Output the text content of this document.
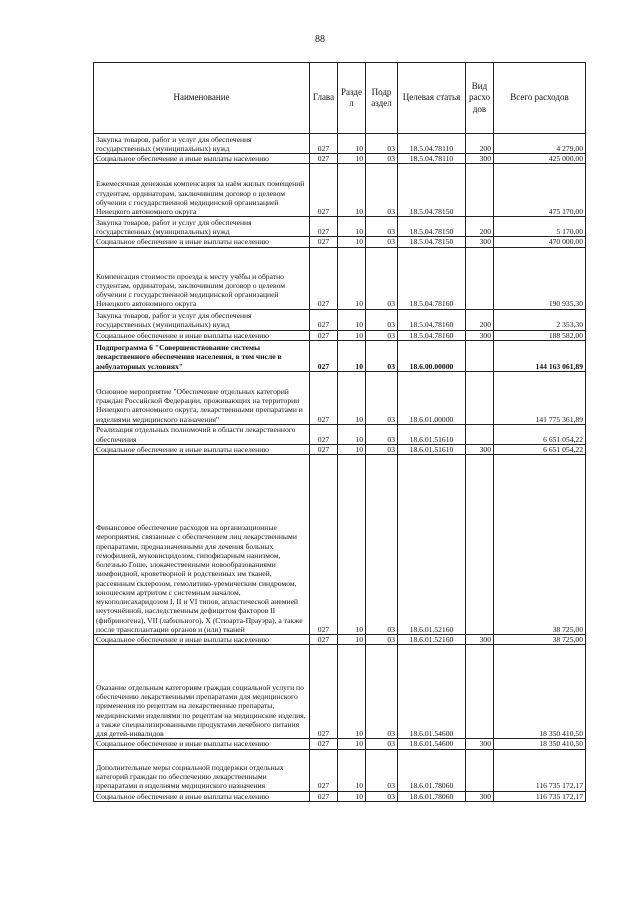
88
Наименование	Глава	Разде л	Подр аздел	Целевая статья	Вид расхо дов	Всего расходов
Закупка товаров, работ и услуг для обеспечения государственных (муниципальных) нужд	027	10	03	18.5.04.78110	200	4 279,00
Социальное обеспечение и иные выплаты населению	027	10	03	18.5.04.78110	300	425 000,00
Ежемесячная денежная компенсация за наём жилых помещений студентам, ординаторам, заключившим договор о целевом обучении с государственной медицинской организацией Ненецкого автономного округа	027	10	03	18.5.04.78150		475 170,00
Закупка товаров, работ и услуг для обеспечения государственных (муниципальных) нужд	027	10	03	18.5.04.78150	200	5 170,00
Социальное обеспечение и иные выплаты населению	027	10	03	18.5.04.78150	300	470 000,00
Компенсация стоимости проезда к месту учёбы и обратно студентам, ординаторам, заключившим договор о целевом обучении с государственной медицинской организацией Ненецкого автономного округа	027	10	03	18.5.04.78160		190 935,30
Закупка товаров, работ и услуг для обеспечения государственных (муниципальных) нужд	027	10	03	18.5.04.78160	200	2 353,30
Социальное обеспечение и иные выплаты населению	027	10	03	18.5.04.78160	300	188 582,00
Подпрограмма 6 "Совершенствование системы лекарственного обеспечения населения, в том числе в амбулаторных условиях"	027	10	03	18.6.00.00000		144 163 061,89
Основное мероприятие "Обеспечение отдельных категорий граждан Российской Федерации, проживающих на территории Ненецкого автономного округа, лекарственными препаратами и изделиями медицинского назначения"	027	10	03	18.6.01.00000		141 775 361,89
Реализация отдельных полномочий в области лекарственного обеспечения	027	10	03	18.6.01.51610		6 651 054,22
Социальное обеспечение и иные выплаты населению	027	10	03	18.6.01.51610	300	6 651 054,22
Финансовое обеспечение расходов на организационные мероприятия, связанные с обеспечением лиц лекарственными препаратами, предназначенными для лечения больных гемофилией, муковисцидозом, гипофизарным нанизмом, болезнью Гоше, злокачественными новообразованиями лимфоидной, кроветворной и родственных им тканей, рассеянным склерозом, гемолитико-уремическим синдромом, юношеским артритом с системным началом, мукополисахаридозом I, II и VI типов, апластической анемией неуточнённой, наследственным дефицитом факторов II (фибриногена), VII (лабильного), X (Стюарта-Прауэра), а также после трансплантации органов и (или) тканей	027	10	03	18.6.01.52160		38 725,00
Социальное обеспечение и иные выплаты населению	027	10	03	18.6.01.52160	300	38 725,00
Оказание отдельным категориям граждан социальной услуги по обеспечению лекарственными препаратами для медицинского применения по рецептам на лекарственные препараты, медицинскими изделиями по рецептам на медицинские изделия, а также специализированными продуктами лечебного питания для детей-инвалидов	027	10	03	18.6.01.54600		18 350 410,50
Социальное обеспечение и иные выплаты населению	027	10	03	18.6.01.54600	300	18 350 410,50
Дополнительные меры социальной поддержки отдельных категорий граждан по обеспечению лекарственными препаратами и изделиями медицинского назначения	027	10	03	18.6.01.78060		116 735 172,17
Социальное обеспечение и иные выплаты населению	027	10	03	18.6.01.78060	300	116 735 172,17
